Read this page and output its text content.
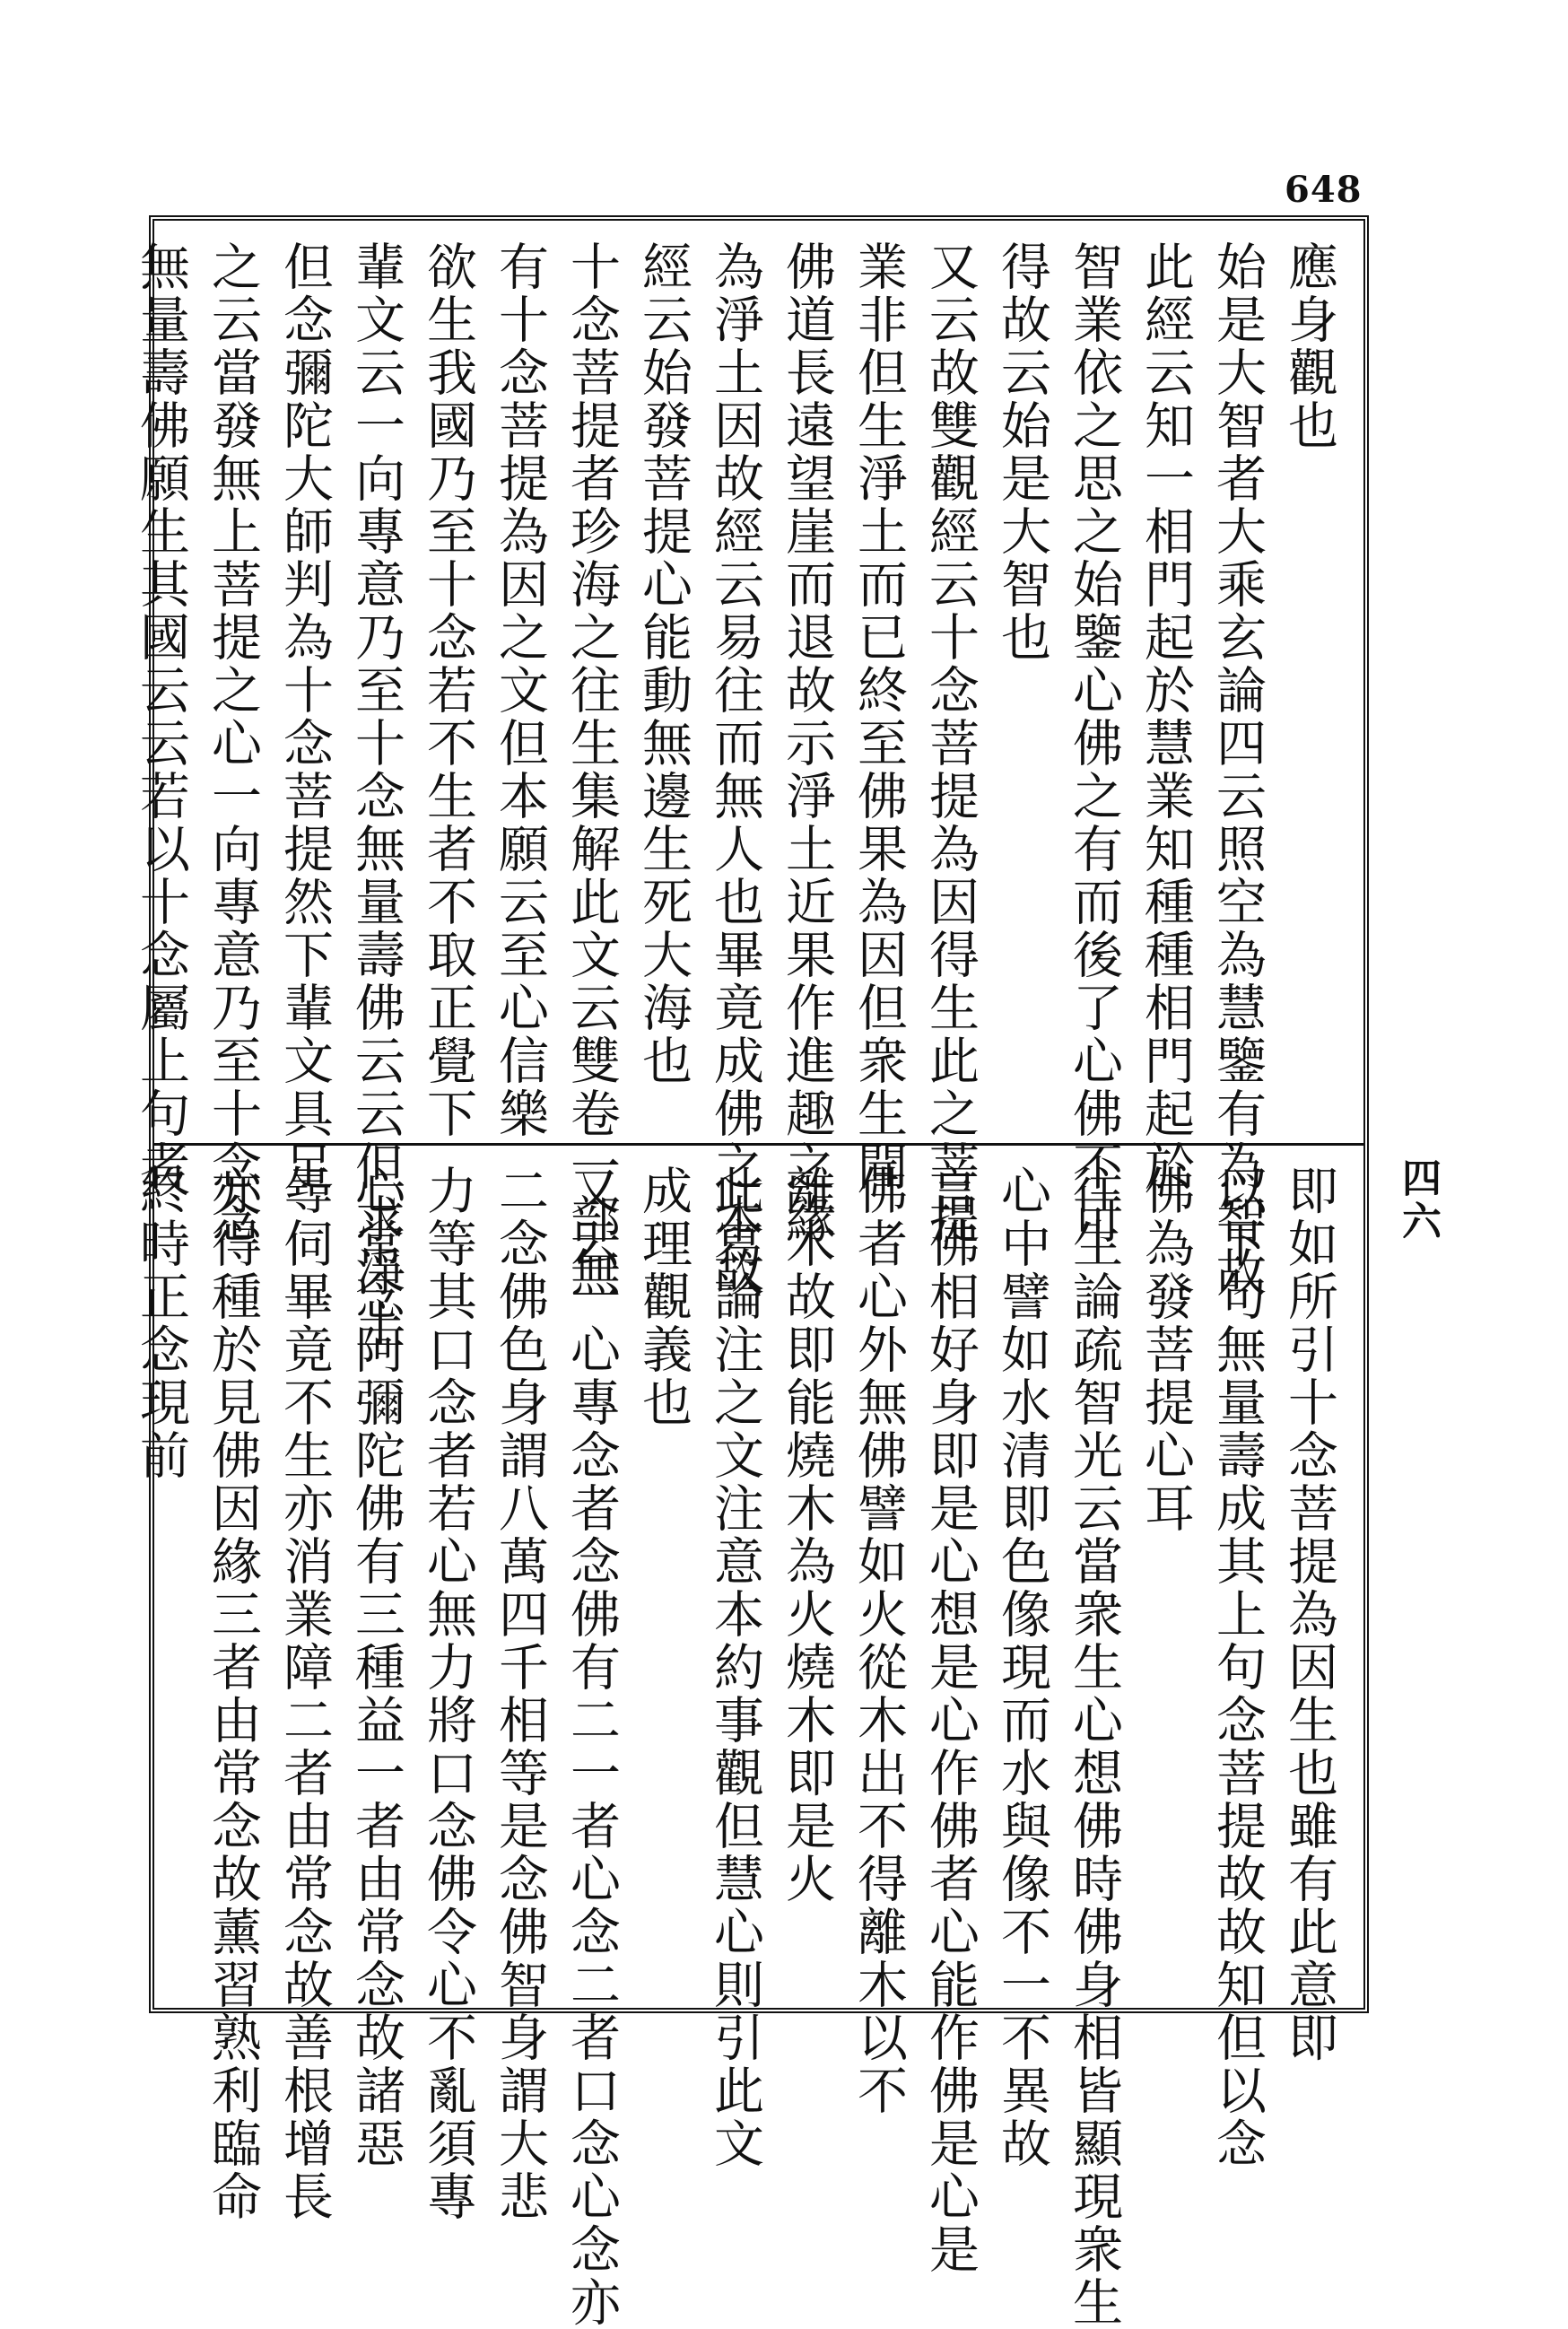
648
應身觀也
始是大智者大乘玄論四云照空為慧鑒有為智故
此經云知一相門起於慧業知種種相門起於
智業依之思之始鑒心佛之有而後了心佛不可
得故云始是大智也
又云故雙觀經云十念菩提為因得生此之菩提
業非但生淨土而已終至佛果為因但衆生聞
佛道長遠望崖而退故示淨土近果作進趣之緣
為淨土因故經云易往而無人也畢竟成佛之本故
經云始發菩提心能動無邊生死大海也
十念菩提者珍海之往生集解此文云雙卷一部無
有十念菩提為因之文但本願云至心信樂
欲生我國乃至十念若不生者不取正覺下
輩文云一向專意乃至十念無量壽佛云云但求淨土
但念彌陀大師判為十念菩提然下輩文具足
之云當發無上菩提之心一向專意乃至十念念
無量壽佛願生其國云云若以十念屬上句者
即如所引十念菩提為因生也雖有此意即
以下句無量壽成其上句念菩提故故知但以念
佛為發菩提心耳
往生論疏智光云當衆生心想佛時佛身相皆顯現衆生
心中譬如水清即色像現而水與像不一不異故
言佛相好身即是心想是心作佛者心能作佛是心是
佛者心外無佛譬如火從木出不得離木以不
離木故即能燒木為火燒木即是火
此寫論注之文注意本約事觀但慧心則引此文
成理觀義也
又云一心專念者念佛有二一者心念二者口念心念亦
二念佛色身謂八萬四千相等是念佛智身謂大悲
力等其口念者若心無力將口念佛令心不亂須專
心常念阿彌陀佛有三種益一者由常念故諸惡
尋伺畢竟不生亦消業障二者由常念故善根增長
亦得種於見佛因緣三者由常念故薰習熟利臨命
終時正念現前	四六
